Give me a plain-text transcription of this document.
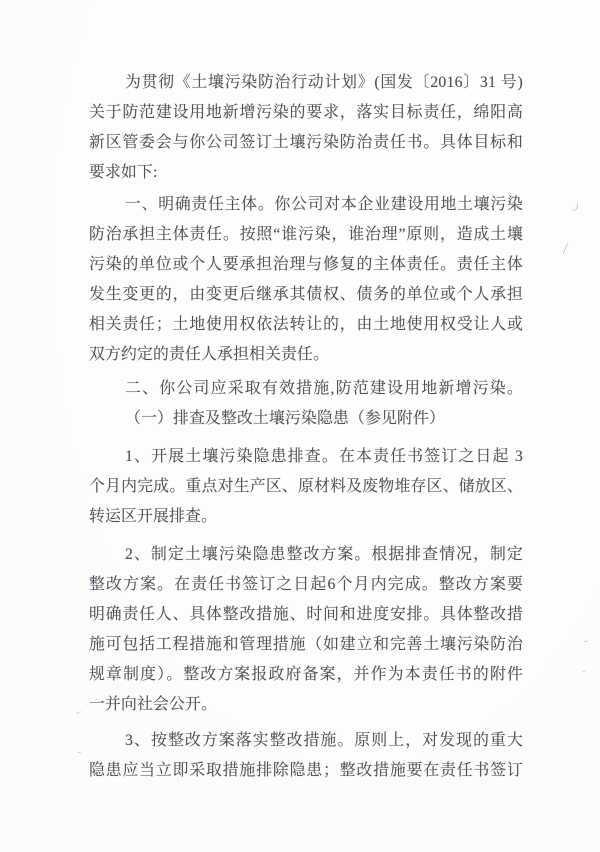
为贯彻《土壤污染防治行动计划》(国发〔2016〕31 号)
关于防范建设用地新增污染的要求，落实目标责任，绵阳高
新区管委会与你公司签订土壤污染防治责任书。具体目标和
要求如下:
一、明确责任主体。你公司对本企业建设用地土壤污染
防治承担主体责任。按照“谁污染，谁治理”原则，造成土壤
污染的单位或个人要承担治理与修复的主体责任。责任主体
发生变更的，由变更后继承其债权、债务的单位或个人承担
相关责任；土地使用权依法转让的，由土地使用权受让人或
双方约定的责任人承担相关责任。
二、你公司应采取有效措施,防范建设用地新增污染。
（一）排查及整改土壤污染隐患（参见附件）
1、开展土壤污染隐患排查。在本责任书签订之日起 3
个月内完成。重点对生产区、原材料及废物堆存区、储放区、
转运区开展排查。
2、制定土壤污染隐患整改方案。根据排查情况，制定
整改方案。在责任书签订之日起6个月内完成。整改方案要
明确责任人、具体整改措施、时间和进度安排。具体整改措
施可包括工程措施和管理措施（如建立和完善土壤污染防治
规章制度）。整改方案报政府备案，并作为本责任书的附件
一并向社会公开。
3、按整改方案落实整改措施。原则上，对发现的重大
隐患应当立即采取措施排除隐患；整改措施要在责任书签订
